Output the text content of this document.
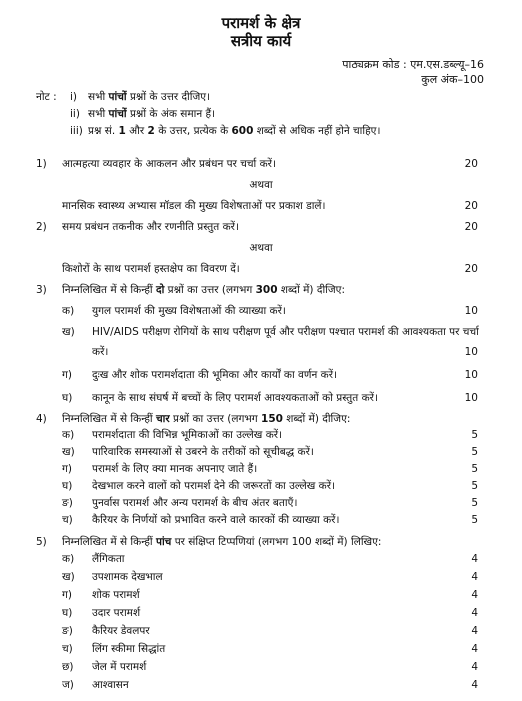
परामर्श के क्षेत्र
सत्रीय कार्य
पाठ्यक्रम कोड : एम.एस.डब्ल्यू–16
कुल अंक–100
नोट : i) सभी पांचों प्रश्नों के उत्तर दीजिए।
ii) सभी पांचों प्रश्नों के अंक समान हैं।
iii) प्रश्न सं. 1 और 2 के उत्तर, प्रत्येक के 600 शब्दों से अधिक नहीं होने चाहिए।
1) आत्महत्या व्यवहार के आकलन और प्रबंधन पर चर्चा करें।	20
अथवा
मानसिक स्वास्थ्य अभ्यास मॉडल की मुख्य विशेषताओं पर प्रकाश डालें।	20
2) समय प्रबंधन तकनीक और रणनीति प्रस्तुत करें।	20
अथवा
किशोरों के साथ परामर्श हस्तक्षेप का विवरण दें।	20
3) निम्नलिखित में से किन्हीं दो प्रश्नों का उत्तर (लगभग 300 शब्दों में) दीजिए:
क) युगल परामर्श की मुख्य विशेषताओं की व्याख्या करें।	10
ख) HIV/AIDS परीक्षण रोगियों के साथ परीक्षण पूर्व और परीक्षण पश्चात परामर्श की आवश्यकता पर चर्चा
करें।	10
ग) दुःख और शोक परामर्शदाता की भूमिका और कार्यों का वर्णन करें।	10
घ) कानून के साथ संघर्ष में बच्चों के लिए परामर्श आवश्यकताओं को प्रस्तुत करें।	10
4) निम्नलिखित में से किन्हीं चार प्रश्नों का उत्तर (लगभग 150 शब्दों में) दीजिए:
क) परामर्शदाता की विभिन्न भूमिकाओं का उल्लेख करें।	5
ख) पारिवारिक समस्याओं से उबरने के तरीकों को सूचीबद्ध करें।	5
ग) परामर्श के लिए क्या मानक अपनाए जाते हैं।	5
घ) देखभाल करने वालों को परामर्श देने की जरूरतों का उल्लेख करें।	5
ङ) पुनर्वास परामर्श और अन्य परामर्श के बीच अंतर बताएँ।	5
च) कैरियर के निर्णयों को प्रभावित करने वाले कारकों की व्याख्या करें।	5
5) निम्नलिखित में से किन्हीं पांच पर संक्षिप्त टिप्पणियां (लगभग 100 शब्दों में) लिखिए:
क) लैंगिकता	4
ख) उपशामक देखभाल	4
ग) शोक परामर्श	4
घ) उदार परामर्श	4
ङ) कैरियर डेवलपर	4
च) लिंग स्कीमा सिद्धांत	4
छ) जेल में परामर्श	4
ज) आश्वासन	4
